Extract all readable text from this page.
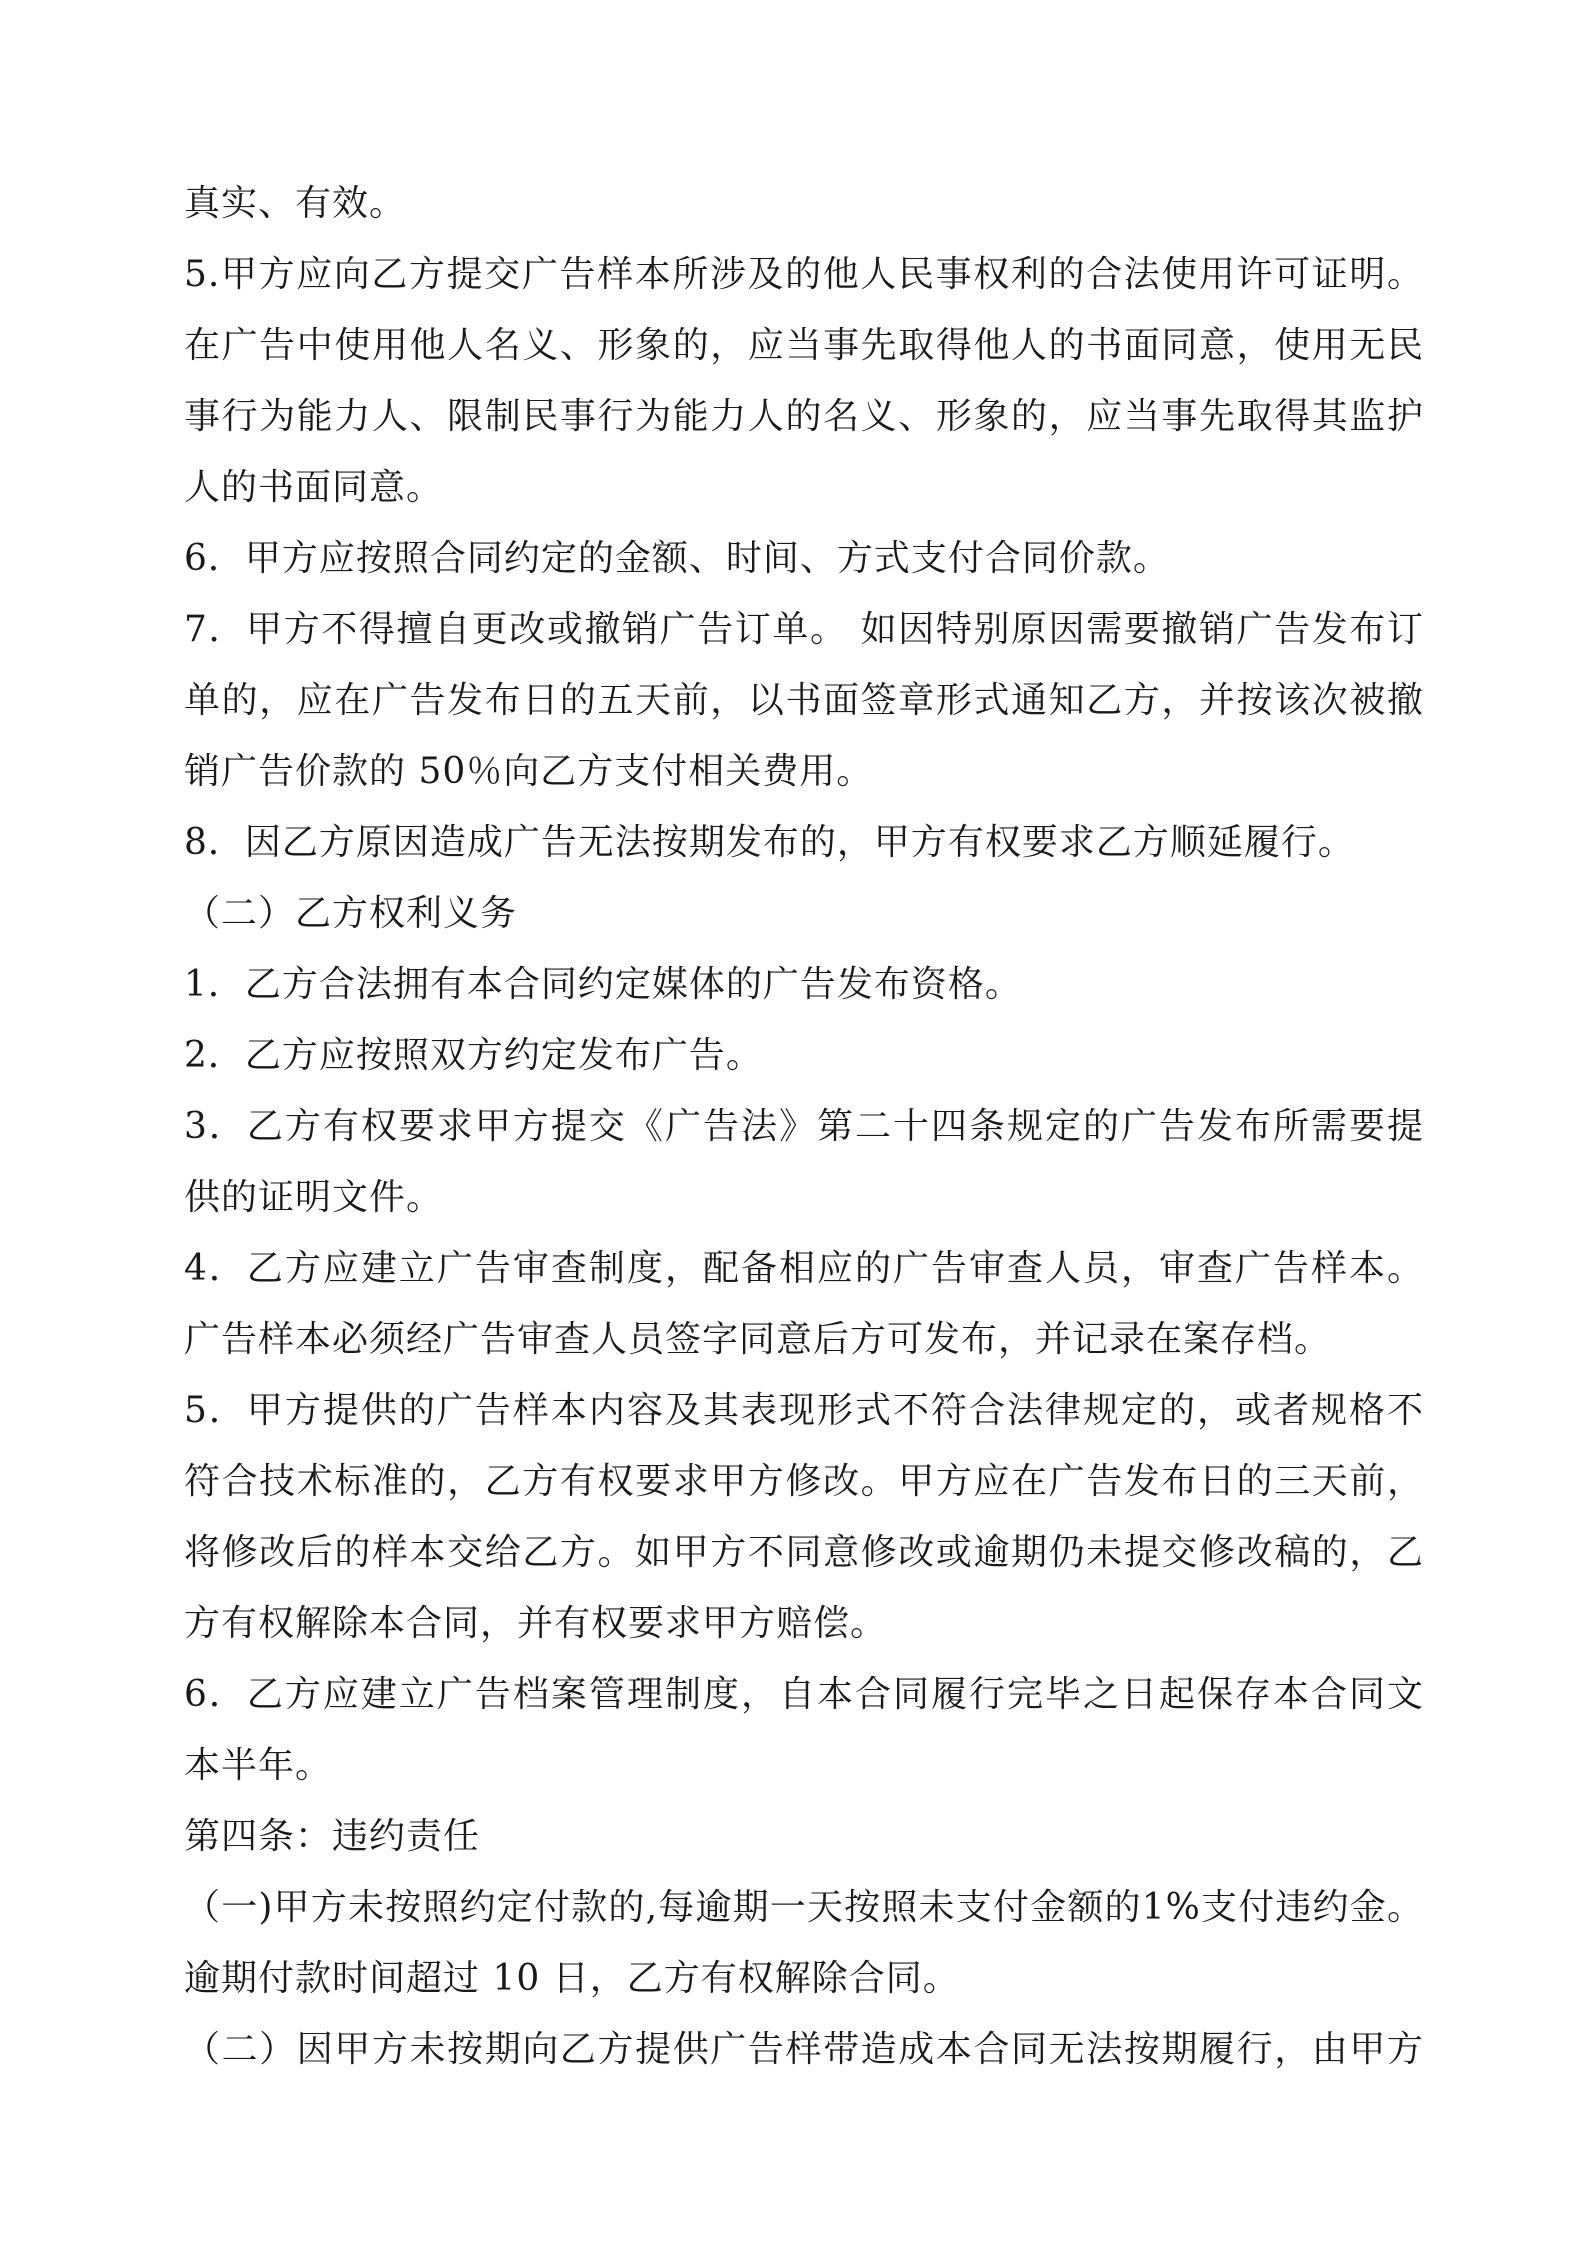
真实、有效。
5.甲方应向乙方提交广告样本所涉及的他人民事权利的合法使用许可证明。
在广告中使用他人名义、形象的，应当事先取得他人的书面同意，使用无民
事行为能力人、限制民事行为能力人的名义、形象的，应当事先取得其监护
人的书面同意。
6．甲方应按照合同约定的金额、时间、方式支付合同价款。
7．甲方不得擅自更改或撤销广告订单。 如因特别原因需要撤销广告发布订
单的，应在广告发布日的五天前，以书面签章形式通知乙方，并按该次被撤
销广告价款的 50％向乙方支付相关费用。
8．因乙方原因造成广告无法按期发布的，甲方有权要求乙方顺延履行。
（二）乙方权利义务
1．乙方合法拥有本合同约定媒体的广告发布资格。
2．乙方应按照双方约定发布广告。
3．乙方有权要求甲方提交《广告法》第二十四条规定的广告发布所需要提
供的证明文件。
4．乙方应建立广告审查制度，配备相应的广告审查人员，审查广告样本。
广告样本必须经广告审查人员签字同意后方可发布，并记录在案存档。
5．甲方提供的广告样本内容及其表现形式不符合法律规定的，或者规格不
符合技术标准的，乙方有权要求甲方修改。甲方应在广告发布日的三天前，
将修改后的样本交给乙方。如甲方不同意修改或逾期仍未提交修改稿的，乙
方有权解除本合同，并有权要求甲方赔偿。
6．乙方应建立广告档案管理制度，自本合同履行完毕之日起保存本合同文
本半年。
第四条：违约责任
（一)甲方未按照约定付款的,每逾期一天按照未支付金额的1%支付违约金。
逾期付款时间超过 10 日，乙方有权解除合同。
（二）因甲方未按期向乙方提供广告样带造成本合同无法按期履行，由甲方
